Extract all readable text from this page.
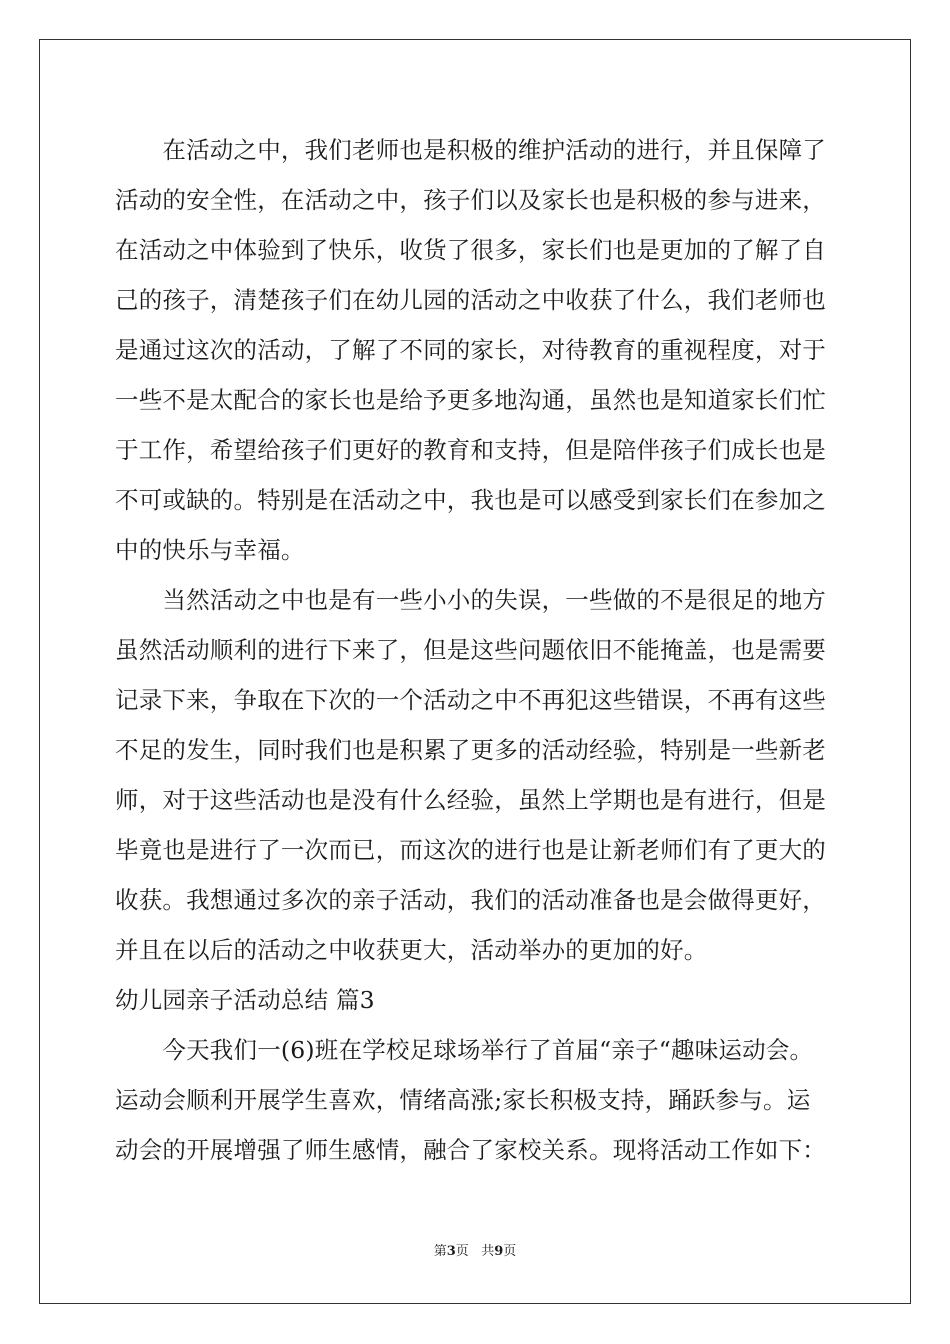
　　在活动之中，我们老师也是积极的维护活动的进行，并且保障了
活动的安全性，在活动之中，孩子们以及家长也是积极的参与进来，
在活动之中体验到了快乐，收货了很多，家长们也是更加的了解了自
己的孩子，清楚孩子们在幼儿园的活动之中收获了什么，我们老师也
是通过这次的活动，了解了不同的家长，对待教育的重视程度，对于
一些不是太配合的家长也是给予更多地沟通，虽然也是知道家长们忙
于工作，希望给孩子们更好的教育和支持，但是陪伴孩子们成长也是
不可或缺的。特别是在活动之中，我也是可以感受到家长们在参加之
中的快乐与幸福。
　　当然活动之中也是有一些小小的失误，一些做的不是很足的地方
虽然活动顺利的进行下来了，但是这些问题依旧不能掩盖，也是需要
记录下来，争取在下次的一个活动之中不再犯这些错误，不再有这些
不足的发生，同时我们也是积累了更多的活动经验，特别是一些新老
师，对于这些活动也是没有什么经验，虽然上学期也是有进行，但是
毕竟也是进行了一次而已，而这次的进行也是让新老师们有了更大的
收获。我想通过多次的亲子活动，我们的活动准备也是会做得更好，
并且在以后的活动之中收获更大，活动举办的更加的好。
幼儿园亲子活动总结 篇3
　　今天我们一(6)班在学校足球场举行了首届“亲子“趣味运动会。
运动会顺利开展学生喜欢，情绪高涨;家长积极支持，踊跃参与。运
动会的开展增强了师生感情，融合了家校关系。现将活动工作如下：
第3页 共9页
